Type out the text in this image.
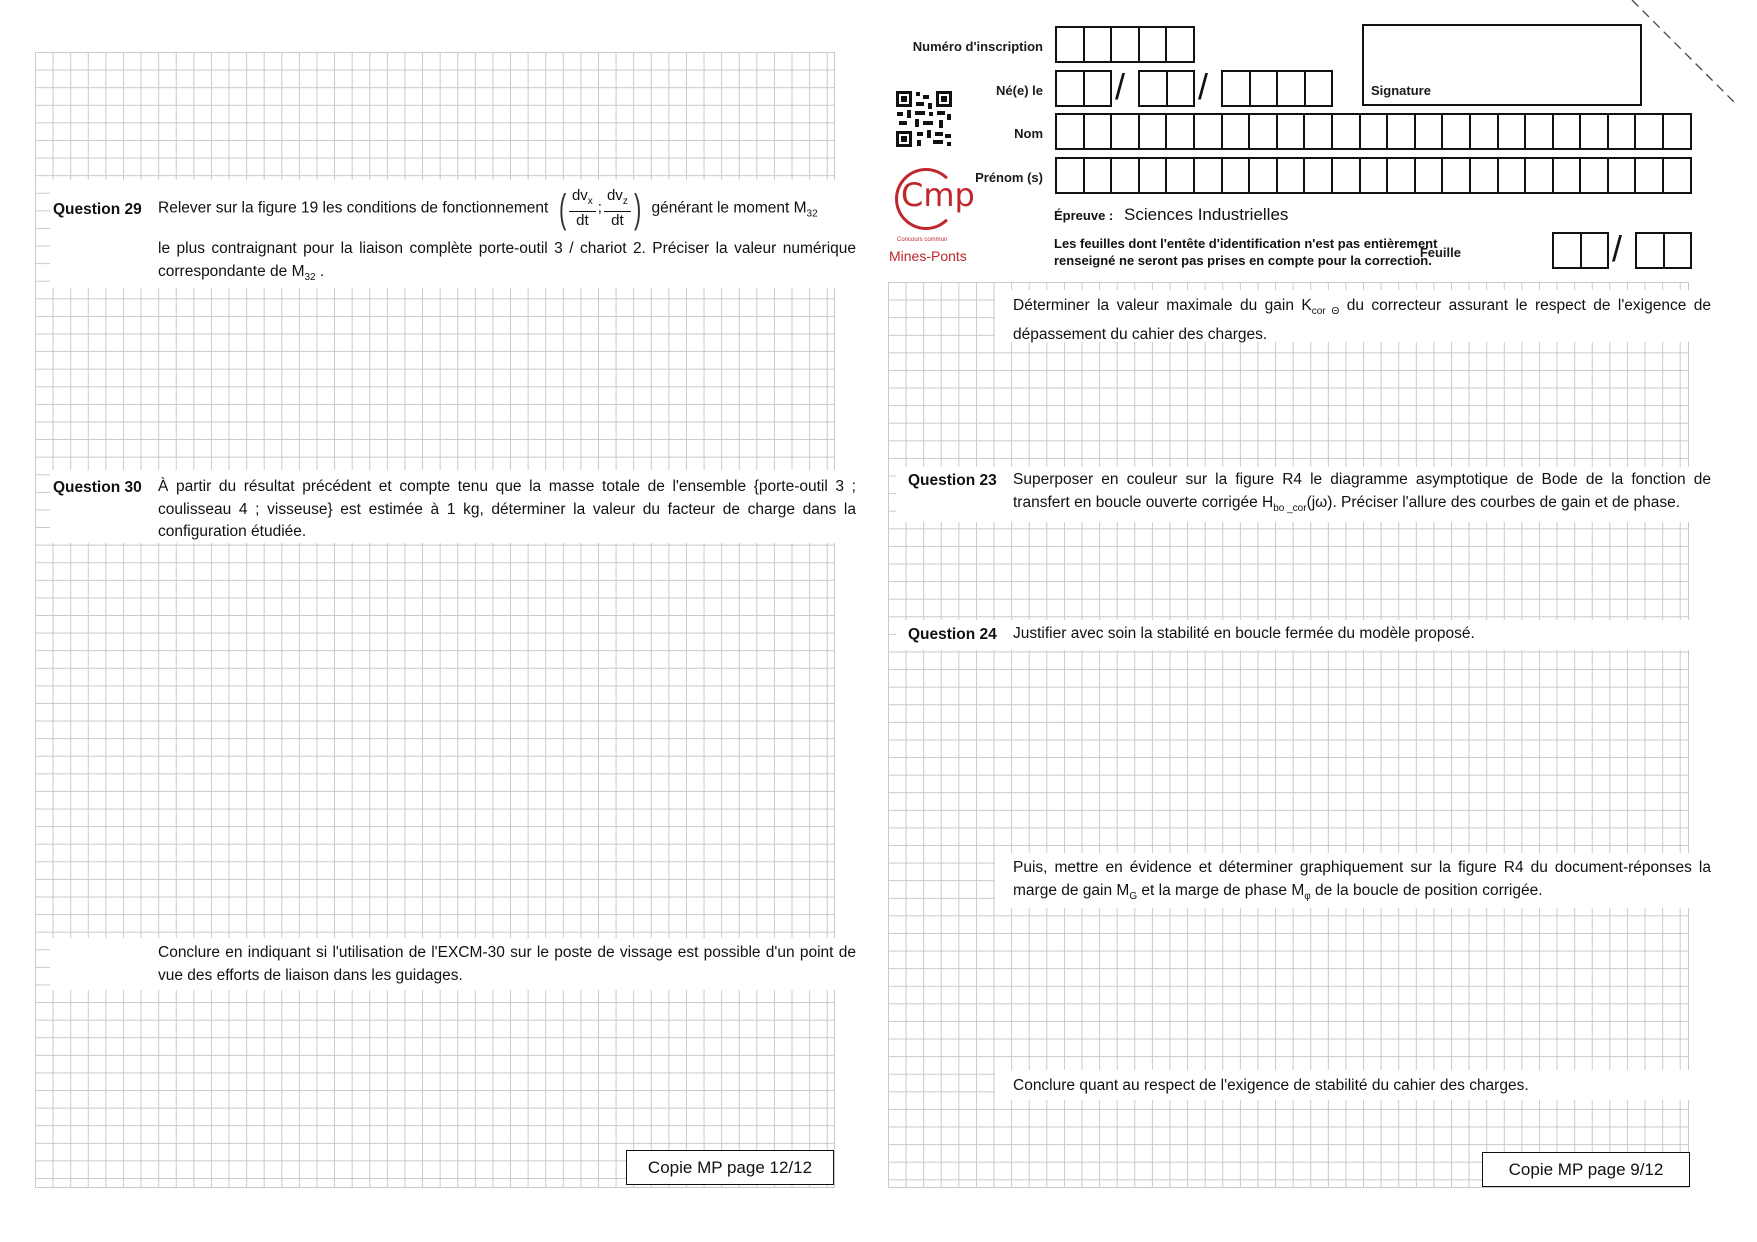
Question 29 Relever sur la figure 19 les conditions de fonctionnement ( $dv_x$
dt
;
$dv_z$
dt ) générant le moment $M_{32}$
le plus contraignant pour la liaison complète porte-outil 3 / chariot 2. Préciser la valeur numérique correspondante de $M_{32}$ .
Question 30 À partir du résultat précédent et compte tenu que la masse totale de l'ensemble {porte-outil 3 ; coulisseau 4 ; visseuse} est estimée à 1 kg, déterminer la valeur du facteur de charge dans la configuration étudiée.
Conclure en indiquant si l'utilisation de l'EXCM-30 sur le poste de vissage est possible d'un point de vue des efforts de liaison dans les guidages.
Copie MP page 12/12
Numéro d'inscription
Signature
Né(e) le / /
Nom
Prénom (s)
Cmp
Concours commun
Mines-Ponts
Épreuve : Sciences Industrielles
Les feuilles dont l'entête d'identification n'est pas entièrement
renseigné ne seront pas prises en compte pour la correction.
Feuille	/
Déterminer la valeur maximale du gain $K_{cor \Theta}$ du correcteur assurant le respect de l'exigence de dépassement du cahier des charges.
Question 23 Superposer en couleur sur la figure R4 le diagramme asymptotique de Bode de la fonction de transfert en boucle ouverte corrigée $H_{bo \_cor}(j\omega)$. Préciser l'allure des courbes de gain et de phase.
Question 24 Justifier avec soin la stabilité en boucle fermée du modèle proposé.
Puis, mettre en évidence et déterminer graphiquement sur la figure R4 du document-réponses la marge de gain $M_G$ et la marge de phase $M_\varphi$ de la boucle de position corrigée.
Conclure quant au respect de l'exigence de stabilité du cahier des charges.
Copie MP page 9/12
